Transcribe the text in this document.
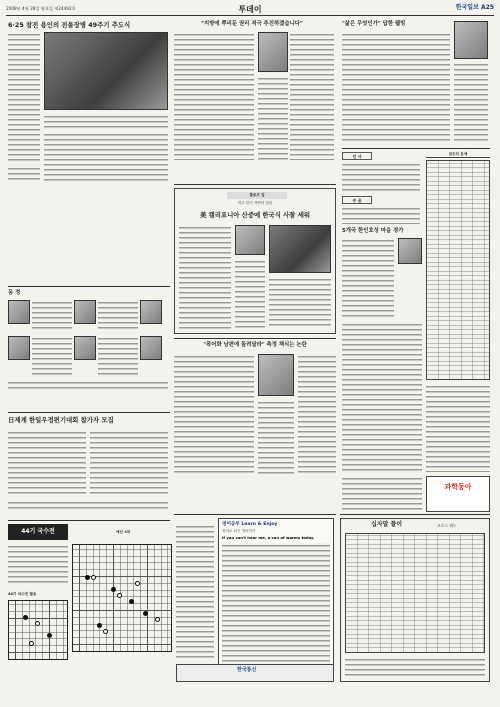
2008년 4월 28일 월요일 제24492호	투데이	한국일보 A25
6·25 참전 용인의 전몰장병 49주기 추도식
동 정
日제계 한일우정편기대회 참가자 모집
44기 국수전	예선 3국
44기 국수전 결승
"지방에 뿌리둔 권리 적극 추진하겠습니다"
클로즈 업
미주 한인 자연의 걸음
美 캘리포니아 산중에 한국식 사찰 세워
"폭어화 남편에 돌려달라" 측정 책식는 논란
영어공부 Learn & Enjoy
영어로 쉬운 영어하기
If you can't hear me, a can of worms today.
한국통신
"삶은 무엇인가" 답한 웰빙
인 사
부 음
5개국 한인호성 마을 경가
금주의 운세
과학동아
십자말 풀이	크로스 워드
